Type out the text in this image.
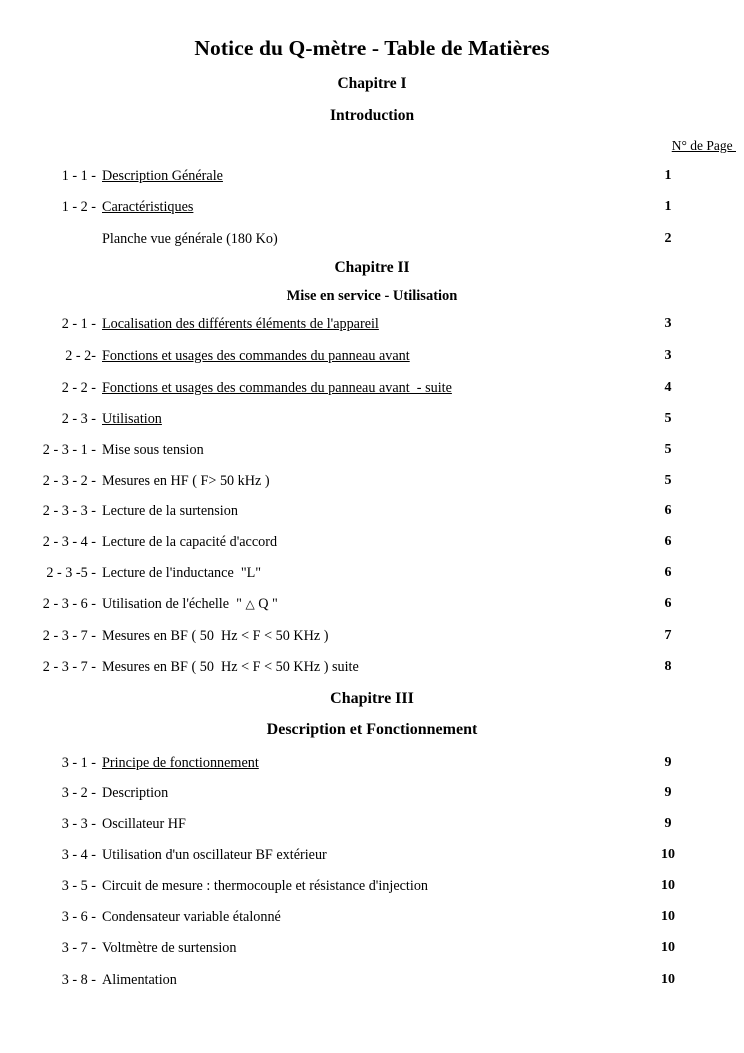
Notice du Q-mètre - Table de Matières
Chapitre I
Introduction
N° de Page
Chapitre II
Mise en service - Utilisation
Chapitre III
Description et Fonctionnement
1 - 1 - Description Générale	1
1 - 2 - Caractéristiques	1
Planche vue générale (180 Ko)	2
2 - 1 - Localisation des différents éléments de l'appareil	3
2 - 2- Fonctions et usages des commandes du panneau avant	3
2 - 2 - Fonctions et usages des commandes du panneau avant  - suite	4
2 - 3 - Utilisation	5
2 - 3 - 1 - Mise sous tension	5
2 - 3 - 2 - Mesures en HF ( F> 50 kHz )	5
2 - 3 - 3 - Lecture de la surtension	6
2 - 3 - 4 - Lecture de la capacité d'accord	6
2 - 3 -5 - Lecture de l'inductance  "L"	6
2 - 3 - 6 - Utilisation de l'échelle  " △ Q "	6
2 - 3 - 7 - Mesures en BF ( 50  Hz < F < 50 KHz )	7
2 - 3 - 7 - Mesures en BF ( 50  Hz < F < 50 KHz ) suite	8
3 - 1 - Principe de fonctionnement	9
3 - 2 - Description	9
3 - 3 - Oscillateur HF	9
3 - 4 - Utilisation d'un oscillateur BF extérieur	10
3 - 5 - Circuit de mesure : thermocouple et résistance d'injection	10
3 - 6 - Condensateur variable étalonné	10
3 - 7 - Voltmètre de surtension	10
3 - 8 - Alimentation	10
